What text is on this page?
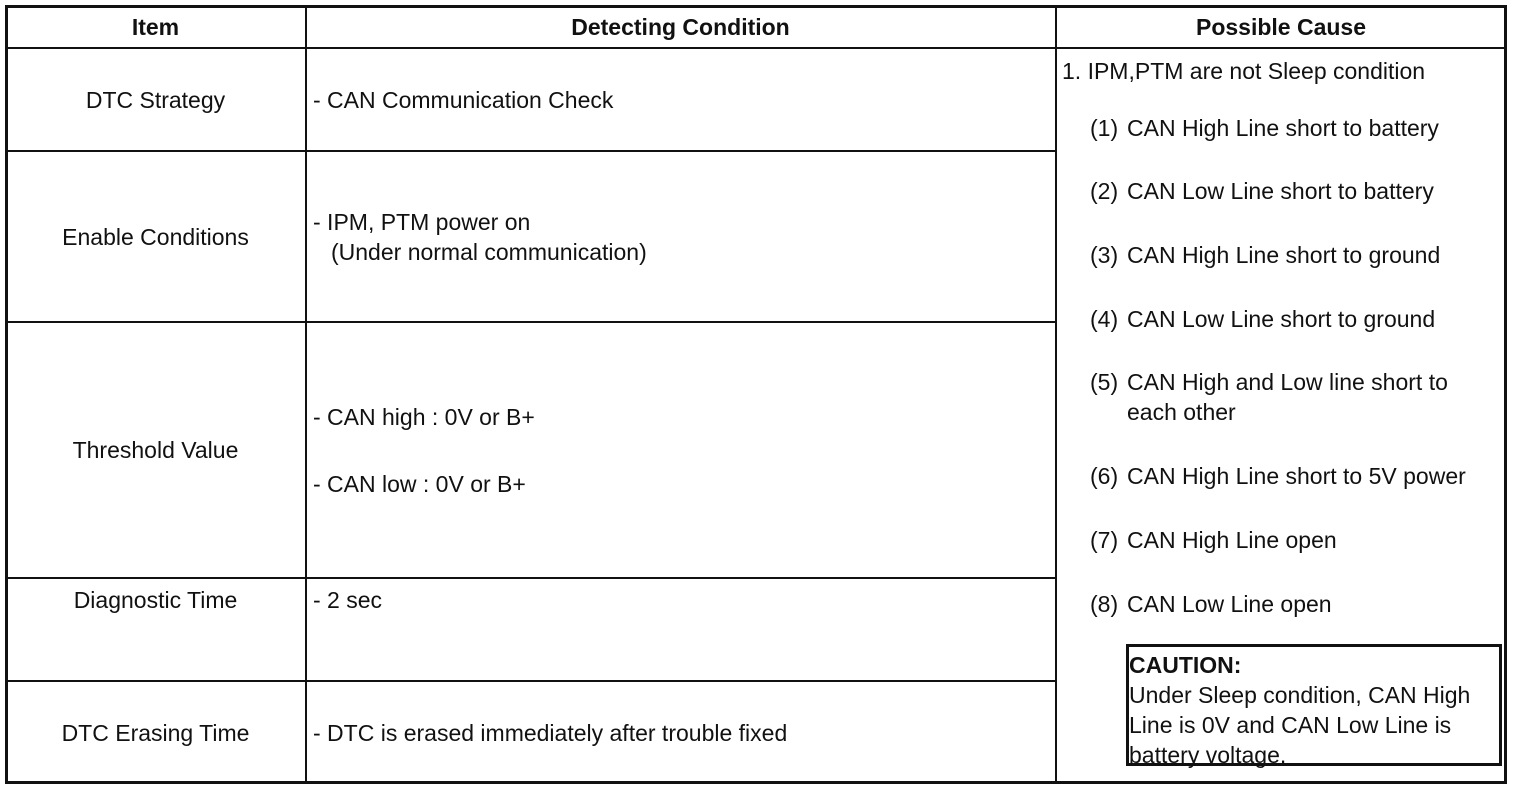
Item	Detecting Condition	Possible Cause
DTC Strategy
Enable Conditions
Threshold Value
Diagnostic Time
DTC Erasing Time
- CAN Communication Check
- IPM, PTM power on
(Under normal communication)
- CAN high : 0V or B+
- CAN low : 0V or B+
- 2 sec
- DTC is erased immediately after trouble fixed
1. IPM,PTM are not Sleep condition
(1) CAN High Line short to battery
(2) CAN Low Line short to battery
(3) CAN High Line short to ground
(4) CAN Low Line short to ground
(5) CAN High and Low line short to
each other
(6) CAN High Line short to 5V power
(7) CAN High Line open
(8) CAN Low Line open
CAUTION:
Under Sleep condition, CAN High
Line is 0V and CAN Low Line is
battery voltage.
